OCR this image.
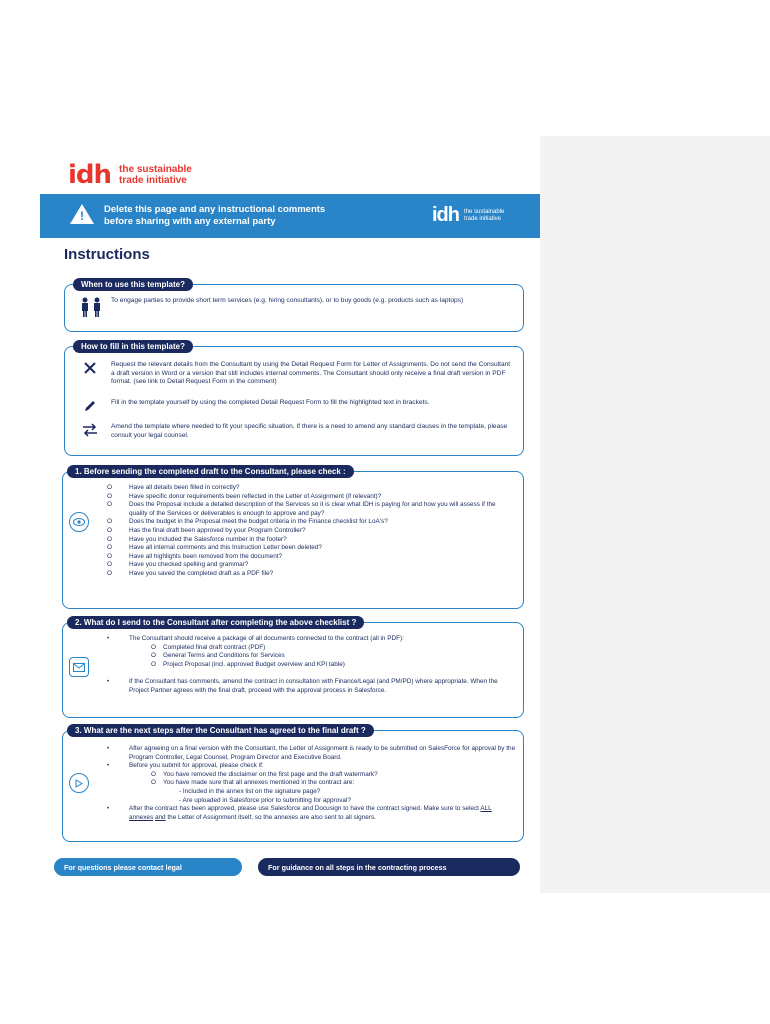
idh the sustainable trade initiative
! Delete this page and any instructional comments before sharing with any external party	idh the sustainable trade initiative
Instructions
When to use this template?
To engage parties to provide short term services (e.g. hiring consultants), or to buy goods (e.g. products such as laptops)
How to fill in this template?
Request the relevant details from the Consultant by using the Detail Request Form for Letter of Assignments. Do not send the Consultant a draft version in Word or a version that still includes internal comments. The Consultant should only receive a final draft version in PDF format. (see link to Detail Request Form in the comment)
Fill in the template yourself by using the completed Detail Request Form to fill the highlighted text in brackets.
Amend the template where needed to fit your specific situation. If there is a need to amend any standard clauses in the template, please consult your legal counsel.
1. Before sending the completed draft to the Consultant, please check :
O	Have all details been filled in correctly?
O	Have specific donor requirements been reflected in the Letter of Assignment (if relevant)?
O	Does the Proposal include a detailed description of the Services so it is clear what IDH is paying for and how you will assess if the quality of the Services or deliverables is enough to approve and pay?
O	Does the budget in the Proposal meet the budget criteria in the Finance checklist for LoA's?
O	Has the final draft been approved by your Program Controller?
O	Have you included the Salesforce number in the footer?
O	Have all internal comments and this Instruction Letter been deleted?
O	Have all highlights been removed from the document?
O	Have you checked spelling and grammar?
O	Have you saved the completed draft as a PDF file?
2. What do I send to the Consultant after completing the above checklist ?
•	The Consultant should receive a package of all documents connected to the contract (all in PDF):
O	Completed final draft contract (PDF)
O	General Terms and Conditions for Services
O	Project Proposal (incl. approved Budget overview and KPI table)
•	If the Consultant has comments, amend the contract in consultation with Finance/Legal (and PM/PD) where appropriate. When the Project Partner agrees with the final draft, proceed with the approval process in Salesforce.
3. What are the next steps after the Consultant has agreed to the final draft ?
•	After agreeing on a final version with the Consultant, the Letter of Assignment is ready to be submitted on SalesForce for approval by the Program Controller, Legal Counsel, Program Director and Executive Board.
•	Before you submit for approval, please check if:
O	You have removed the disclaimer on the first page and the draft watermark?
O	You have made sure that all annexes mentioned in the contract are:
- Included in the annex list on the signature page?
- Are uploaded in Salesforce prior to submitting for approval?
•	After the contract has been approved, please use Salesforce and Docusign to have the contract signed. Make sure to select ALL annexes and the Letter of Assignment itself, so the annexes are also sent to all signers.
For questions please contact legal	For guidance on all steps in the contracting process
